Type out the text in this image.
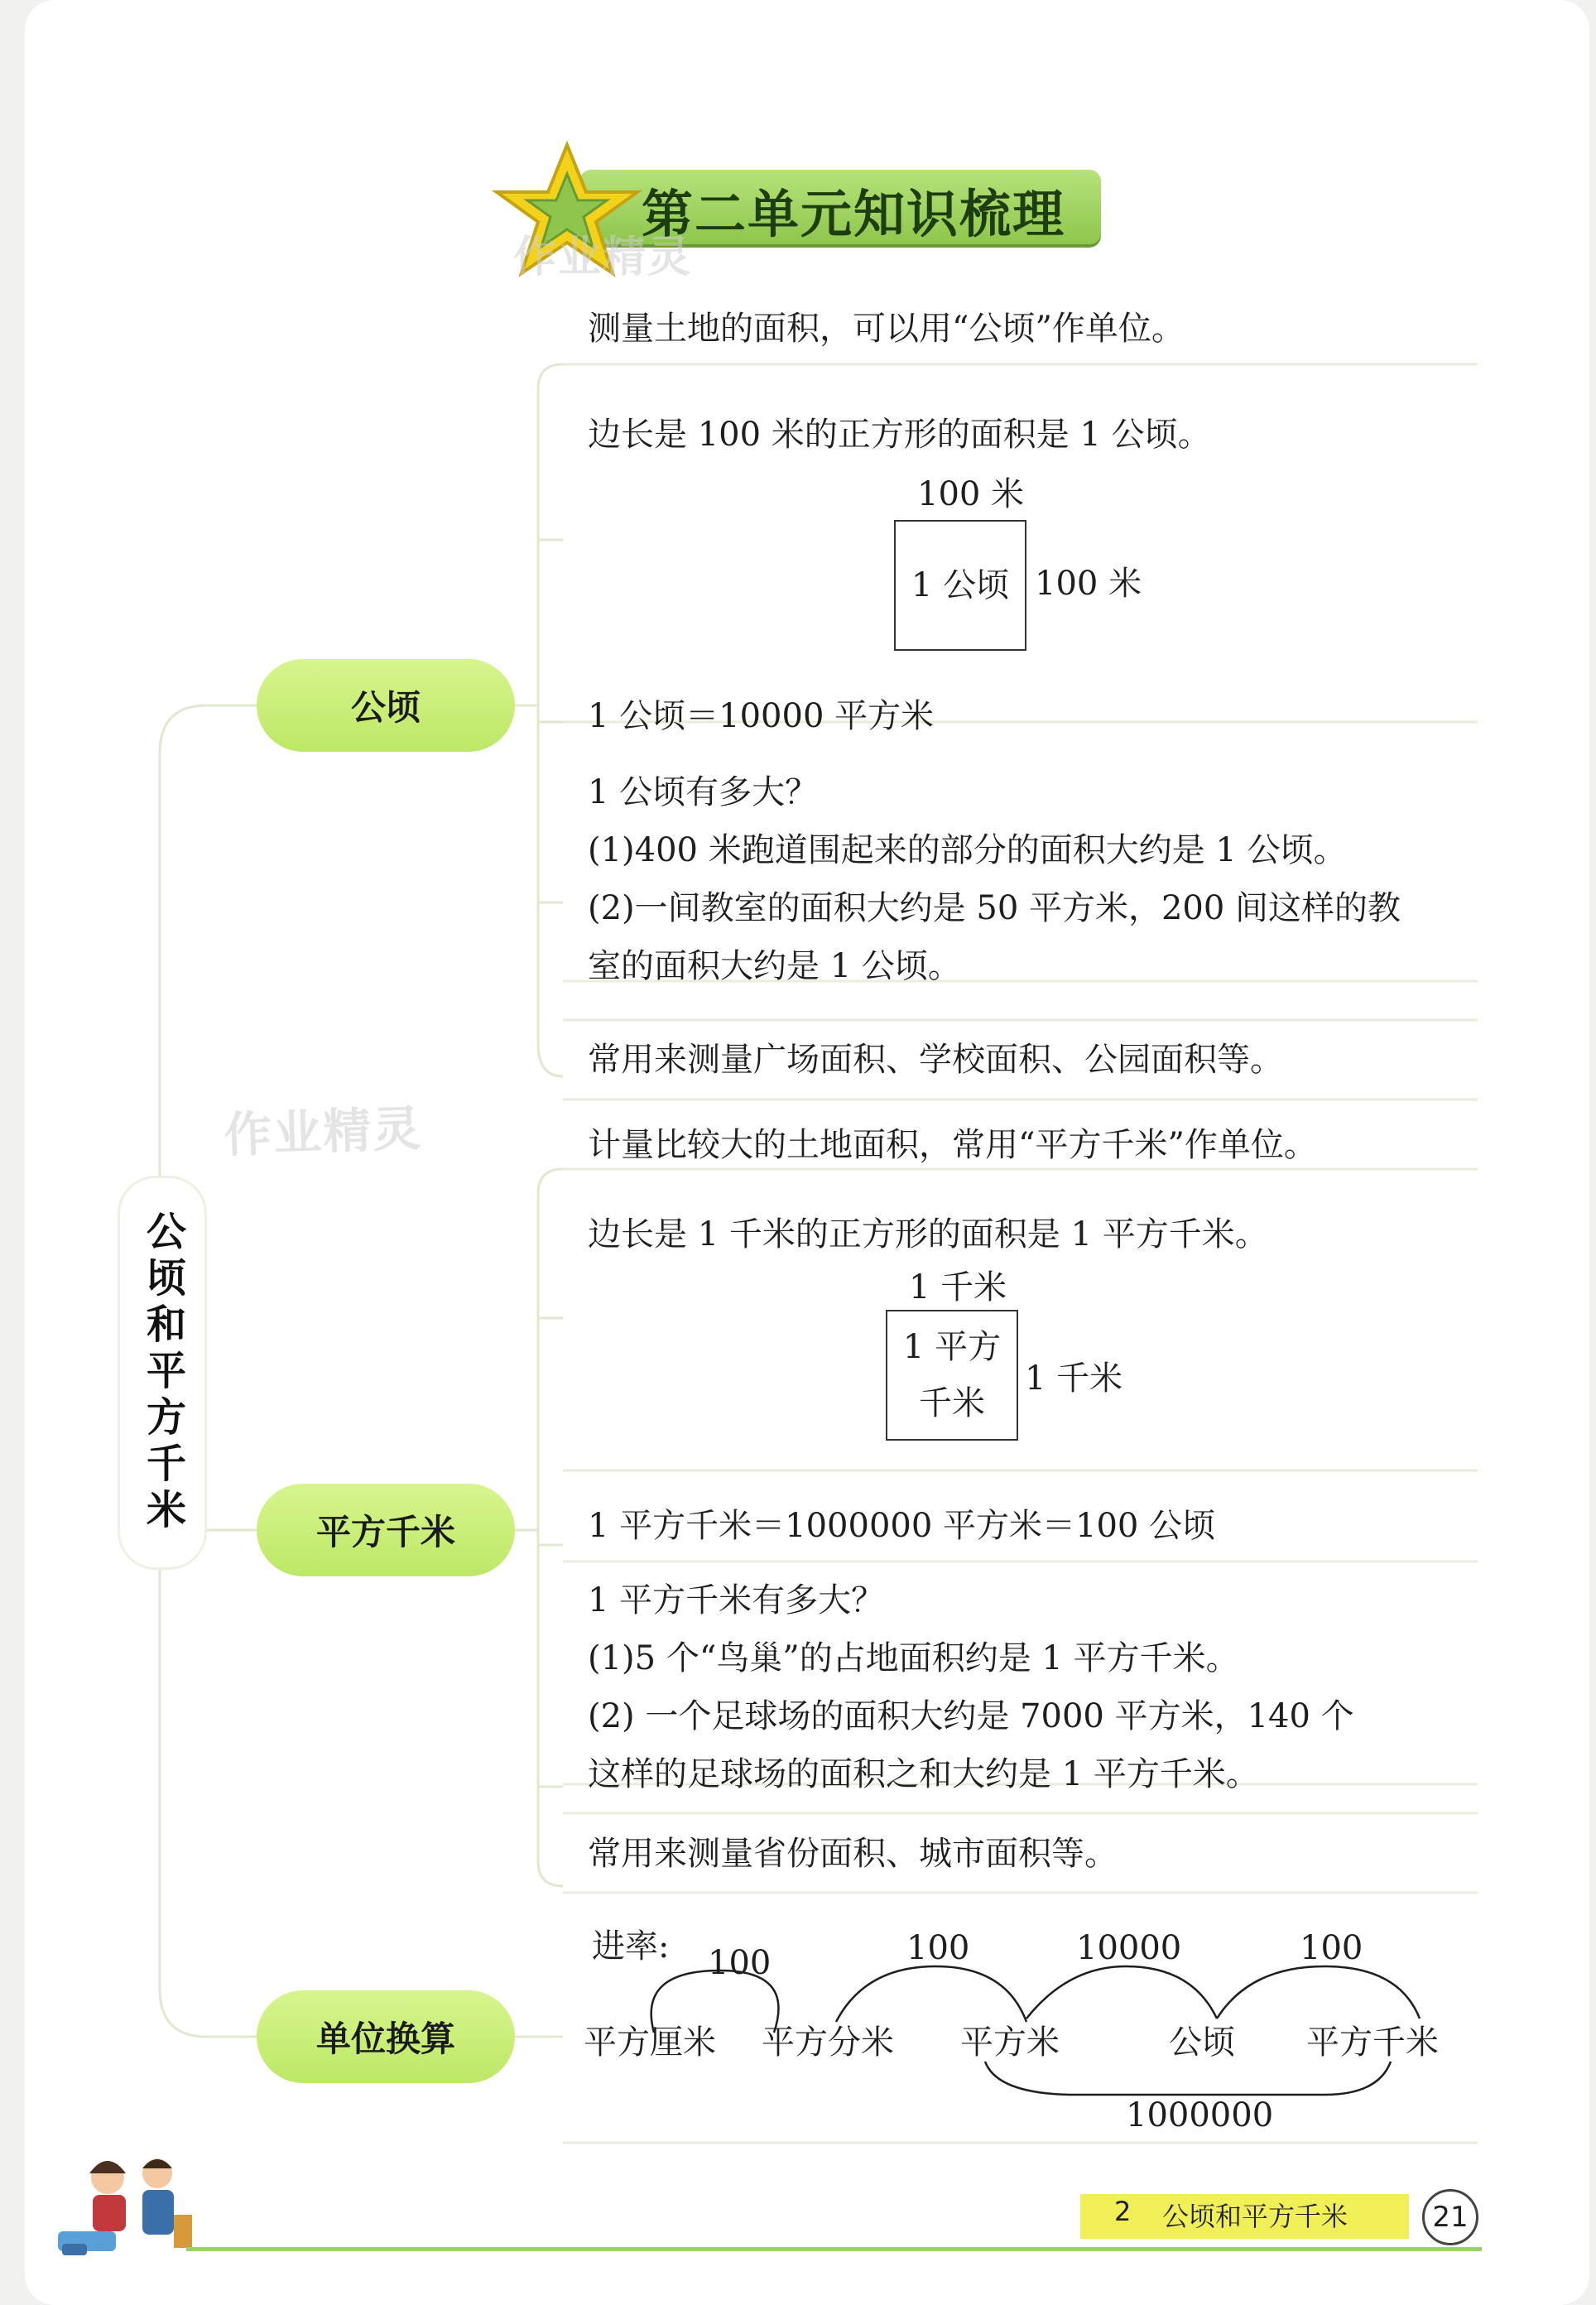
第二单元知识梳理
作业精灵
作业精灵
公顷和平方千米
公顷
平方千米
单位换算
测量土地的面积，可以用“公顷”作单位。
边长是 100 米的正方形的面积是 1 公顷。
100 米
1 公顷 100 米
1 公顷＝10000 平方米
1 公顷有多大？
(1)400 米跑道围起来的部分的面积大约是 1 公顷。
(2)一间教室的面积大约是 50 平方米，200 间这样的教
室的面积大约是 1 公顷。
常用来测量广场面积、学校面积、公园面积等。
计量比较大的土地面积，常用“平方千米”作单位。
边长是 1 千米的正方形的面积是 1 平方千米。
1 千米
1 平方
千米
1 千米
1 平方千米＝1000000 平方米＝100 公顷
1 平方千米有多大？
(1)5 个“鸟巢”的占地面积约是 1 平方千米。
(2) 一个足球场的面积大约是 7000 平方米，140 个
这样的足球场的面积之和大约是 1 平方千米。
常用来测量省份面积、城市面积等。
进率: 100	100	10000	100
平方厘米 平方分米 平方米	公顷 平方千米
1000000
2 公顷和平方千米	21
